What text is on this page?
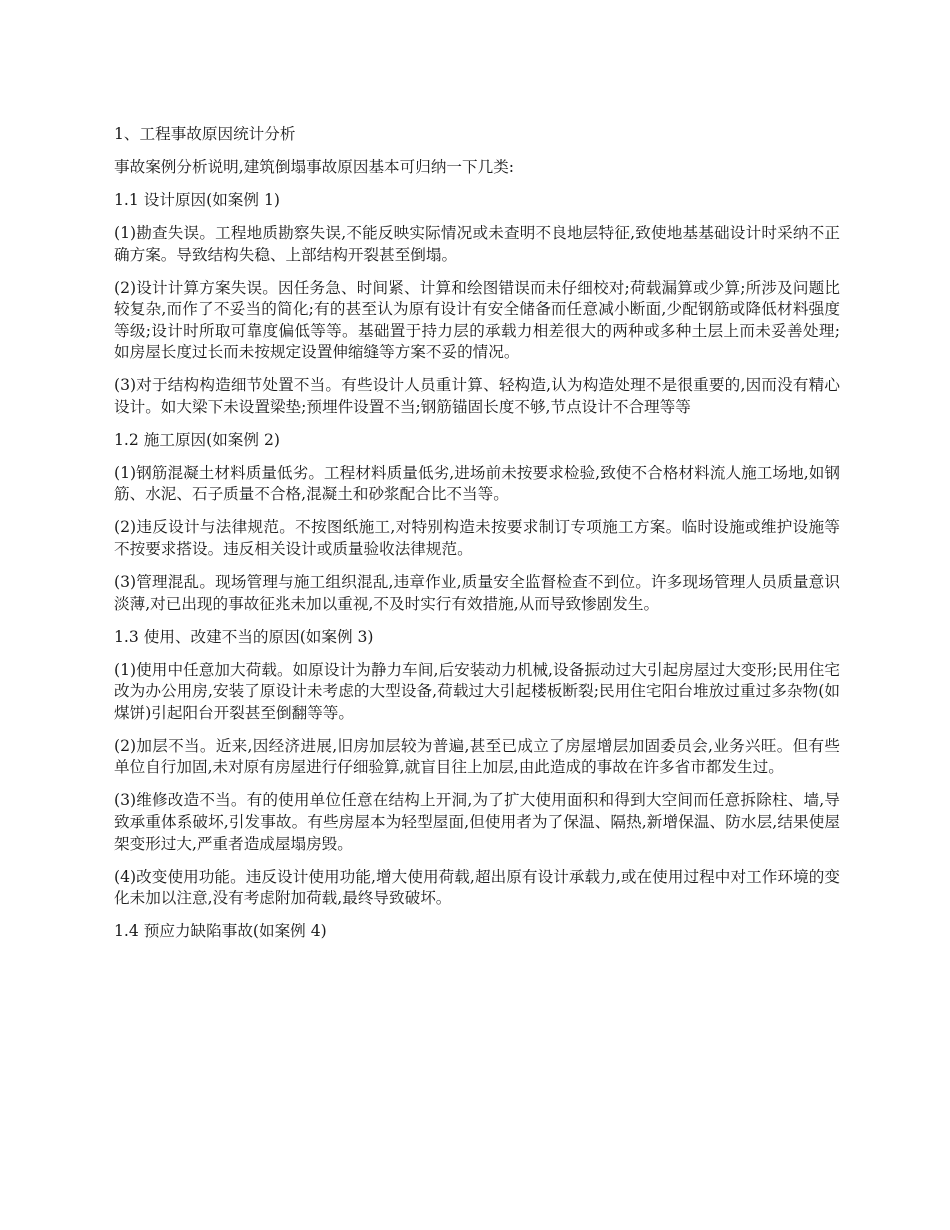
1、工程事故原因统计分析

事故案例分析说明,建筑倒塌事故原因基本可归纳一下几类:

1.1 设计原因(如案例 1)

(1)勘查失误。工程地质勘察失误,不能反映实际情况或未查明不良地层特征,致使地基基础设计时采纳不正确方案。导致结构失稳、上部结构开裂甚至倒塌。

(2)设计计算方案失误。因任务急、时间紧、计算和绘图错误而未仔细校对;荷载漏算或少算;所涉及问题比较复杂,而作了不妥当的简化;有的甚至认为原有设计有安全储备而任意减小断面,少配钢筋或降低材料强度等级;设计时所取可靠度偏低等等。基础置于持力层的承载力相差很大的两种或多种土层上而未妥善处理;如房屋长度过长而未按规定设置伸缩缝等方案不妥的情况。

(3)对于结构构造细节处置不当。有些设计人员重计算、轻构造,认为构造处理不是很重要的,因而没有精心设计。如大梁下未设置梁垫;预埋件设置不当;钢筋锚固长度不够,节点设计不合理等等

1.2 施工原因(如案例 2)

(1)钢筋混凝土材料质量低劣。工程材料质量低劣,进场前未按要求检验,致使不合格材料流人施工场地,如钢筋、水泥、石子质量不合格,混凝土和砂浆配合比不当等。

(2)违反设计与法律规范。不按图纸施工,对特别构造未按要求制订专项施工方案。临时设施或维护设施等不按要求搭设。违反相关设计或质量验收法律规范。

(3)管理混乱。现场管理与施工组织混乱,违章作业,质量安全监督检查不到位。许多现场管理人员质量意识淡薄,对已出现的事故征兆未加以重视,不及时实行有效措施,从而导致惨剧发生。

1.3 使用、改建不当的原因(如案例 3)

(1)使用中任意加大荷载。如原设计为静力车间,后安装动力机械,设备振动过大引起房屋过大变形;民用住宅改为办公用房,安装了原设计未考虑的大型设备,荷载过大引起楼板断裂;民用住宅阳台堆放过重过多杂物(如煤饼)引起阳台开裂甚至倒翻等等。

(2)加层不当。近来,因经济进展,旧房加层较为普遍,甚至已成立了房屋增层加固委员会,业务兴旺。但有些单位自行加固,未对原有房屋进行仔细验算,就盲目往上加层,由此造成的事故在许多省市都发生过。

(3)维修改造不当。有的使用单位任意在结构上开洞,为了扩大使用面积和得到大空间而任意拆除柱、墙,导致承重体系破坏,引发事故。有些房屋本为轻型屋面,但使用者为了保温、隔热,新增保温、防水层,结果使屋架变形过大,严重者造成屋塌房毁。

(4)改变使用功能。违反设计使用功能,增大使用荷载,超出原有设计承载力,或在使用过程中对工作环境的变化未加以注意,没有考虑附加荷载,最终导致破坏。

1.4 预应力缺陷事故(如案例 4)
